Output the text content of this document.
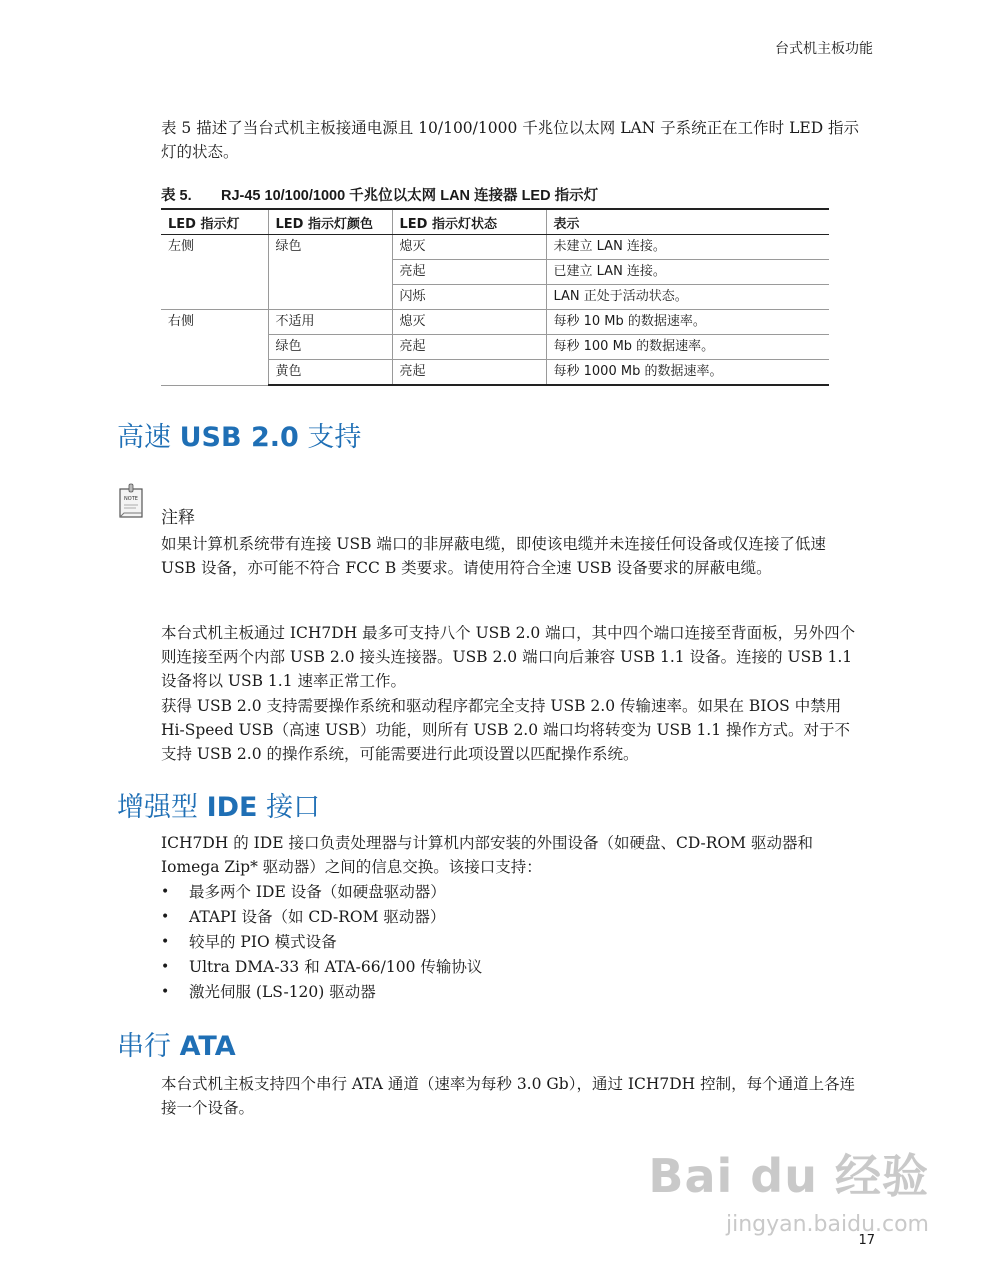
台式机主板功能

表 5 描述了当台式机主板接通电源且 10/100/1000 千兆位以太网 LAN 子系统正在工作时 LED 指示灯的状态。

表 5. RJ-45 10/100/1000 千兆位以太网 LAN 连接器 LED 指示灯
LED 指示灯	LED 指示灯颜色	LED 指示灯状态	表示
左侧	绿色	熄灭	未建立 LAN 连接。
		亮起	已建立 LAN 连接。
		闪烁	LAN 正处于活动状态。
右侧	不适用	熄灭	每秒 10 Mb 的数据速率。
	绿色	亮起	每秒 100 Mb 的数据速率。
	黄色	亮起	每秒 1000 Mb 的数据速率。
高速 USB 2.0 支持
NOTE
注释

如果计算机系统带有连接 USB 端口的非屏蔽电缆，即使该电缆并未连接任何设备或仅连接了低速 USB 设备，亦可能不符合 FCC B 类要求。请使用符合全速 USB 设备要求的屏蔽电缆。

本台式机主板通过 ICH7DH 最多可支持八个 USB 2.0 端口，其中四个端口连接至背面板，另外四个则连接至两个内部 USB 2.0 接头连接器。USB 2.0 端口向后兼容 USB 1.1 设备。连接的 USB 1.1 设备将以 USB 1.1 速率正常工作。

获得 USB 2.0 支持需要操作系统和驱动程序都完全支持 USB 2.0 传输速率。如果在 BIOS 中禁用 Hi-Speed USB（高速 USB）功能，则所有 USB 2.0 端口均将转变为 USB 1.1 操作方式。对于不支持 USB 2.0 的操作系统，可能需要进行此项设置以匹配操作系统。

增强型 IDE 接口

ICH7DH 的 IDE 接口负责处理器与计算机内部安装的外围设备（如硬盘、CD-ROM 驱动器和 Iomega Zip* 驱动器）之间的信息交换。该接口支持：

• 最多两个 IDE 设备（如硬盘驱动器）
• ATAPI 设备（如 CD-ROM 驱动器）
• 较早的 PIO 模式设备
• Ultra DMA-33 和 ATA-66/100 传输协议
• 激光伺服 (LS-120) 驱动器
串行 ATA

本台式机主板支持四个串行 ATA 通道（速率为每秒 3.0 Gb），通过 ICH7DH 控制，每个通道上各连接一个设备。

Bai du 经验
jingyan.baidu.com
17
